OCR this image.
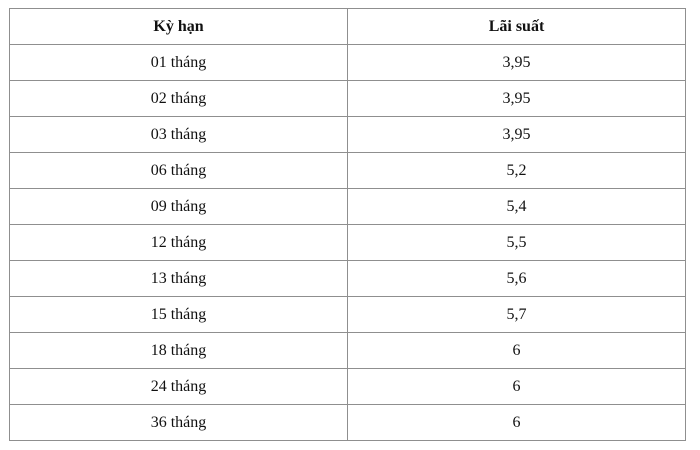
Kỳ hạn	Lãi suất
01 tháng	3,95
02 tháng	3,95
03 tháng	3,95
06 tháng	5,2
09 tháng	5,4
12 tháng	5,5
13 tháng	5,6
15 tháng	5,7
18 tháng	6
24 tháng	6
36 tháng	6
